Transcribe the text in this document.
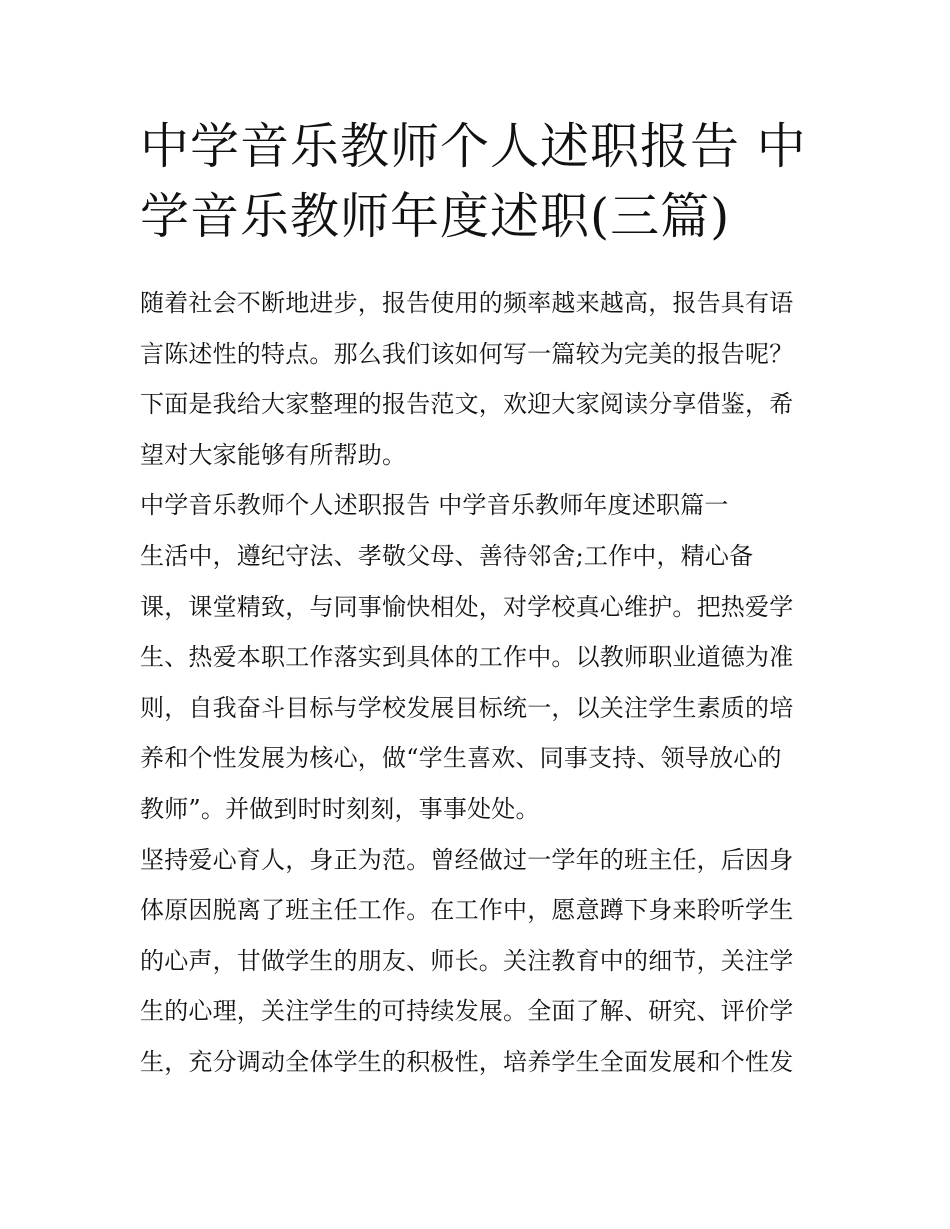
中学音乐教师个人述职报告 中
学音乐教师年度述职(三篇)
随着社会不断地进步，报告使用的频率越来越高，报告具有语
言陈述性的特点。那么我们该如何写一篇较为完美的报告呢？
下面是我给大家整理的报告范文，欢迎大家阅读分享借鉴，希
望对大家能够有所帮助。
中学音乐教师个人述职报告 中学音乐教师年度述职篇一
生活中，遵纪守法、孝敬父母、善待邻舍;工作中，精心备
课，课堂精致，与同事愉快相处，对学校真心维护。把热爱学
生、热爱本职工作落实到具体的工作中。以教师职业道德为准
则，自我奋斗目标与学校发展目标统一，以关注学生素质的培
养和个性发展为核心，做“学生喜欢、同事支持、领导放心的
教师”。并做到时时刻刻，事事处处。
坚持爱心育人，身正为范。曾经做过一学年的班主任，后因身
体原因脱离了班主任工作。在工作中，愿意蹲下身来聆听学生
的心声，甘做学生的朋友、师长。关注教育中的细节，关注学
生的心理，关注学生的可持续发展。全面了解、研究、评价学
生，充分调动全体学生的积极性，培养学生全面发展和个性发
